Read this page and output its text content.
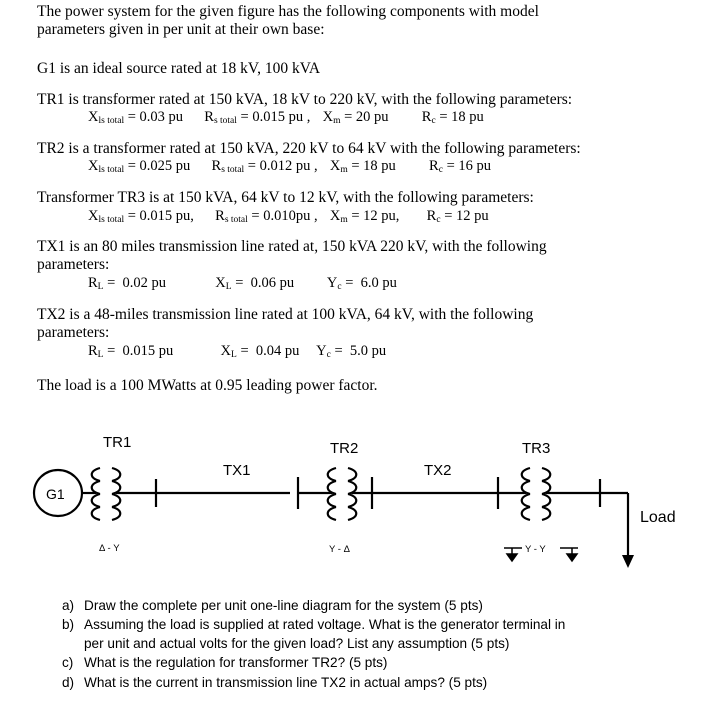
The power system for the given figure has the following components with model
parameters given in per unit at their own base:
G1 is an ideal source rated at 18 kV, 100 kVA
TR1 is transformer rated at 150 kVA, 18 kV to 220 kV, with the following parameters:
$X_{ls}$ $_{total}$ = 0.03 pu $R_s$ $_{total}$ = 0.015 pu , $X_m = 20$ pu $R_c = 18$ pu
TR2 is a transformer rated at 150 kVA, 220 kV to 64 kV with the following parameters:
$X_{ls}$ $_{total}$ = 0.025 pu $R_s$ $_{total}$ = 0.012 pu , $X_m = 18$ pu $R_c = 16$ pu
Transformer TR3 is at 150 kVA, 64 kV to 12 kV, with the following parameters:
$X_{ls}$ $_{total}$ = 0.015 pu, $R_s$ $_{total}$ = 0.010pu , $X_m = 12$ pu, $R_c = 12$ pu
TX1 is an 80 miles transmission line rated at, 150 kVA 220 kV, with the following
parameters:
$R_L = 0.02$ pu	$X_L = 0.06$ pu $Y_c = 6.0$ pu
TX2 is a 48-miles transmission line rated at 100 kVA, 64 kV, with the following
parameters:
$R_L = 0.015$ pu	$X_L = 0.04$ pu $Y_c = 5.0$ pu
The load is a 100 MWatts at 0.95 leading power factor.
TR1	TR2	TR3
TX1	TX2
G1
Load
Δ - Y	Y - Δ	Y - Y
a) Draw the complete per unit one-line diagram for the system (5 pts)
b) Assuming the load is supplied at rated voltage. What is the generator terminal in
per unit and actual volts for the given load? List any assumption (5 pts)
c) What is the regulation for transformer TR2? (5 pts)
d) What is the current in transmission line TX2 in actual amps? (5 pts)
